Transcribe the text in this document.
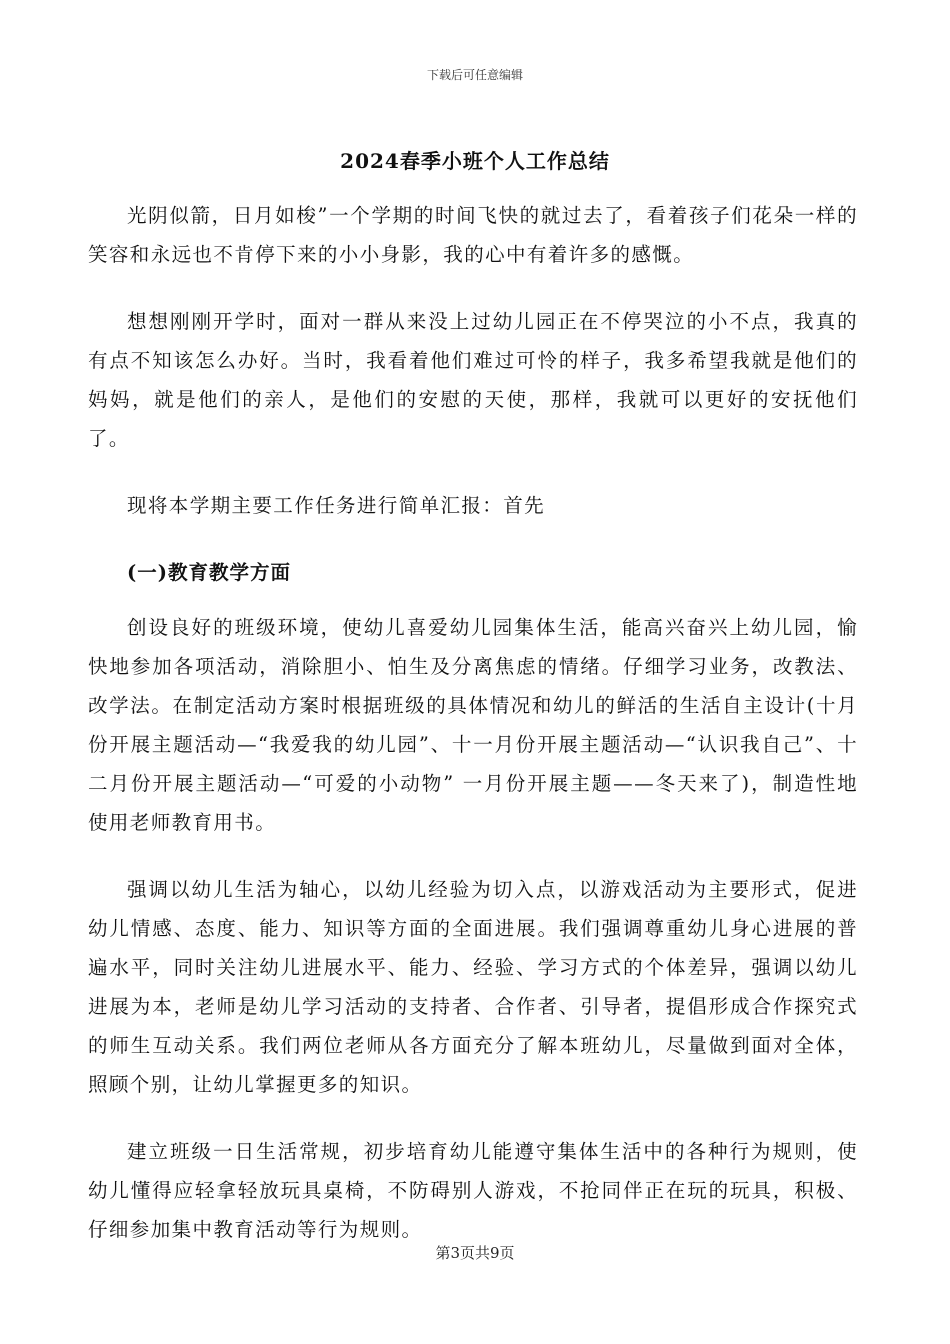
下载后可任意编辑
2024春季小班个人工作总结

光阴似箭，日月如梭”一个学期的时间飞快的就过去了，看着孩子们花朵一样的笑容和永远也不肯停下来的小小身影，我的心中有着许多的感慨。

想想刚刚开学时，面对一群从来没上过幼儿园正在不停哭泣的小不点，我真的有点不知该怎么办好。当时，我看着他们难过可怜的样子，我多希望我就是他们的妈妈，就是他们的亲人，是他们的安慰的天使，那样，我就可以更好的安抚他们了。

现将本学期主要工作任务进行简单汇报：首先

(一)教育教学方面

创设良好的班级环境，使幼儿喜爱幼儿园集体生活，能高兴奋兴上幼儿园，愉快地参加各项活动，消除胆小、怕生及分离焦虑的情绪。仔细学习业务，改教法、改学法。在制定活动方案时根据班级的具体情况和幼儿的鲜活的生活自主设计(十月份开展主题活动—“我爱我的幼儿园”、十一月份开展主题活动—“认识我自己”、十二月份开展主题活动—“可爱的小动物” 一月份开展主题——冬天来了)，制造性地使用老师教育用书。

强调以幼儿生活为轴心，以幼儿经验为切入点，以游戏活动为主要形式，促进幼儿情感、态度、能力、知识等方面的全面进展。我们强调尊重幼儿身心进展的普遍水平，同时关注幼儿进展水平、能力、经验、学习方式的个体差异，强调以幼儿进展为本，老师是幼儿学习活动的支持者、合作者、引导者，提倡形成合作探究式的师生互动关系。我们两位老师从各方面充分了解本班幼儿，尽量做到面对全体，照顾个别，让幼儿掌握更多的知识。

建立班级一日生活常规，初步培育幼儿能遵守集体生活中的各种行为规则，使幼儿懂得应轻拿轻放玩具桌椅，不防碍别人游戏，不抢同伴正在玩的玩具，积极、仔细参加集中教育活动等行为规则。

第3页共9页
